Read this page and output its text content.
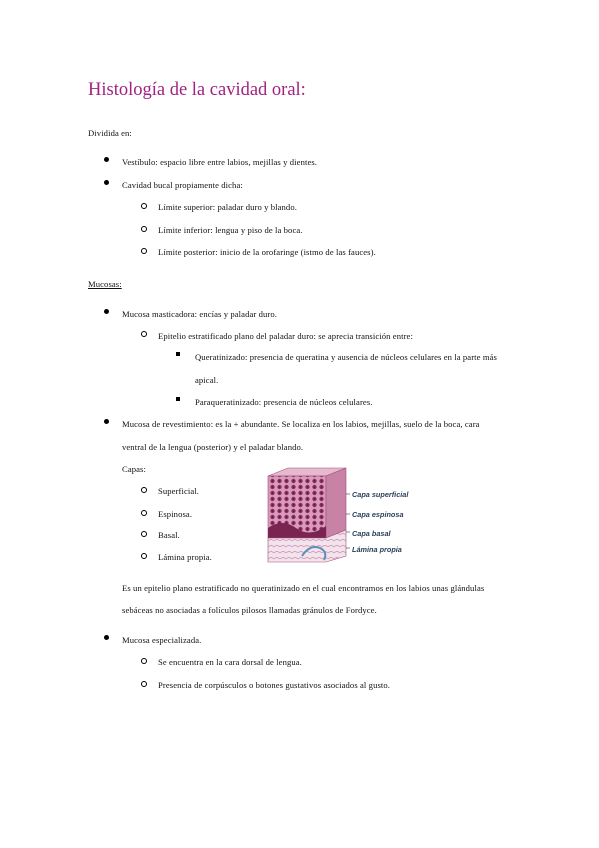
Histología de la cavidad oral:
Dividida en:
Vestíbulo: espacio libre entre labios, mejillas y dientes.
Cavidad bucal propiamente dicha:
Límite superior: paladar duro y blando.
Límite inferior: lengua y piso de la boca.
Límite posterior: inicio de la orofaringe (istmo de las fauces).
Mucosas:
Mucosa masticadora: encías y paladar duro.
Epitelio estratificado plano del paladar duro: se aprecia transición entre:
Queratinizado: presencia de queratina y ausencia de núcleos celulares en la parte más
apical.
Paraqueratinizado: presencia de núcleos celulares.
Mucosa de revestimiento: es la + abundante. Se localiza en los labios, mejillas, suelo de la boca, cara
ventral de la lengua (posterior) y el paladar blando.
Capas:
Superficial.
Espinosa.
Basal.
Lámina propia.
Es un epitelio plano estratificado no queratinizado en el cual encontramos en los labios unas glándulas
sebáceas no asociadas a folículos pilosos llamadas gránulos de Fordyce.
Mucosa especializada.
Se encuentra en la cara dorsal de lengua.
Presencia de corpúsculos o botones gustativos asociados al gusto.
Capa superficial
Capa espinosa
Capa basal
Lámina propia
